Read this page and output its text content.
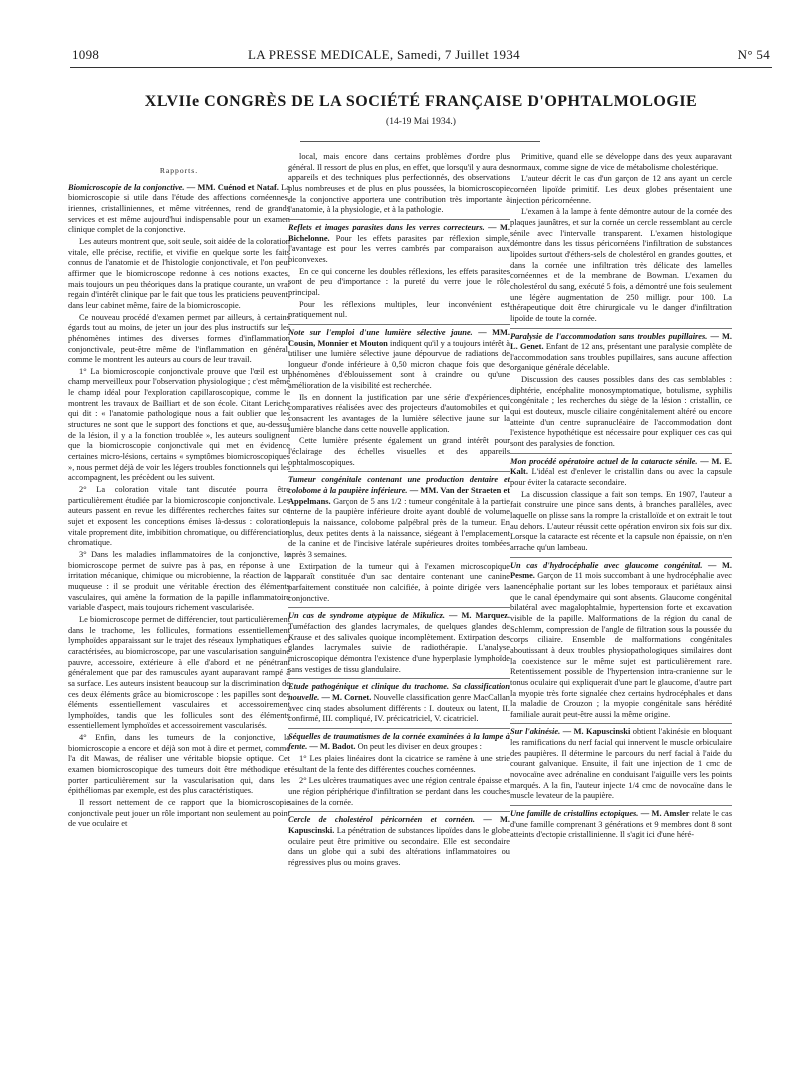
1098	LA PRESSE MEDICALE, Samedi, 7 Juillet 1934	N° 54
XLVIIe CONGRÈS DE LA SOCIÉTÉ FRANÇAISE D'OPHTALMOLOGIE
(14-19 Mai 1934.)

Rapports.

Biomicroscopie de la conjonctive. — MM. Cuénod et Nataf. La biomicroscopie si utile dans l'étude des affections cornéennes, iriennes, cristalliniennes, et même vitréennes, rend de grands services et est même aujourd'hui indispensable pour un examen clinique complet de la conjonctive.

Les auteurs montrent que, soit seule, soit aidée de la coloration vitale, elle précise, rectifie, et vivifie en quelque sorte les faits connus de l'anatomie et de l'histologie conjonctivale, et l'on peut affirmer que le biomicroscope redonne à ces notions exactes, mais toujours un peu théoriques dans la pratique courante, un vrai regain d'intérêt clinique par le fait que tous les praticiens peuvent, dans leur cabinet même, faire de la biomicroscopie.

Ce nouveau procédé d'examen permet par ailleurs, à certains égards tout au moins, de jeter un jour des plus instructifs sur les phénomènes intimes des diverses formes d'inflammation conjonctivale, peut-être même de l'inflammation en général, comme le montrent les auteurs au cours de leur travail.

1° La biomicroscopie conjonctivale prouve que l'œil est un champ merveilleux pour l'observation physiologique ; c'est même le champ idéal pour l'exploration capillaroscopique, comme le montrent les travaux de Bailliart et de son école. Citant Leriche qui dit : « l'anatomie pathologique nous a fait oublier que les structures ne sont que le support des fonctions et que, au-dessus de la lésion, il y a la fonction troublée », les auteurs soulignent que la biomicroscopie conjonctivale qui met en évidence certaines micro-lésions, certains « symptômes biomicroscopiques », nous permet déjà de voir les légers troubles fonctionnels qui les accompagnent, les précèdent ou les suivent.

2° La coloration vitale tant discutée pourra être particulièrement étudiée par la biomicroscopie conjonctivale. Les auteurs passent en revue les différentes recherches faites sur ce sujet et exposent les conceptions émises là-dessus : coloration vitale proprement dite, imbibition chromatique, ou différenciation chromatique.

3° Dans les maladies inflammatoires de la conjonctive, le biomicroscope permet de suivre pas à pas, en réponse à une irritation mécanique, chimique ou microbienne, la réaction de la muqueuse : il se produit une véritable érection des éléments vasculaires, qui amène la formation de la papille inflammatoire variable d'aspect, mais toujours richement vascularisée.

Le biomicroscope permet de différencier, tout particulièrement dans le trachome, les follicules, formations essentiellement lymphoïdes apparaissant sur le trajet des réseaux lymphatiques et caractérisées, au biomicroscope, par une vascularisation sanguine pauvre, accessoire, extérieure à elle d'abord et ne pénétrant généralement que par des ramuscules ayant auparavant rampé à sa surface. Les auteurs insistent beaucoup sur la discrimination de ces deux éléments grâce au biomicroscope : les papilles sont des éléments essentiellement vasculaires et accessoirement lymphoïdes, tandis que les follicules sont des éléments essentiellement lymphoïdes et accessoirement vascularisés.

4° Enfin, dans les tumeurs de la conjonctive, la biomicroscopie a encore et déjà son mot à dire et permet, comme l'a dit Mawas, de réaliser une véritable biopsie optique. Cet examen biomicroscopique des tumeurs doit être méthodique et porter particulièrement sur la vascularisation qui, dans les épithéliomas par exemple, est des plus caractéristiques.

Il ressort nettement de ce rapport que la biomicroscopie conjonctivale peut jouer un rôle important non seulement au point de vue oculaire et

local, mais encore dans certains problèmes d'ordre plus général. Il ressort de plus en plus, en effet, que lorsqu'il y aura des appareils et des techniques plus perfectionnés, des observations plus nombreuses et de plus en plus poussées, la biomicroscopie de la conjonctive apportera une contribution très importante à l'anatomie, à la physiologie, et à la pathologie.

Reflets et images parasites dans les verres correcteurs. — M. Bichelonne. Pour les effets parasites par réflexion simple, l'avantage est pour les verres cambrés par comparaison aux biconvexes.

En ce qui concerne les doubles réflexions, les effets parasites sont de peu d'importance : la pureté du verre joue le rôle principal.

Pour les réflexions multiples, leur inconvénient est pratiquement nul.

Note sur l'emploi d'une lumière sélective jaune. — MM. Cousin, Monnier et Mouton indiquent qu'il y a toujours intérêt à utiliser une lumière sélective jaune dépourvue de radiations de longueur d'onde inférieure à 0,50 micron chaque fois que des phénomènes d'éblouissement sont à craindre ou qu'une amélioration de la visibilité est recherchée.

Ils en donnent la justification par une série d'expériences comparatives réalisées avec des projecteurs d'automobiles et qui consacrent les avantages de la lumière sélective jaune sur la lumière blanche dans cette nouvelle application.

Cette lumière présente également un grand intérêt pour l'éclairage des échelles visuelles et des appareils ophtalmoscopiques.

Tumeur congénitale contenant une production dentaire et colobome à la paupière inférieure. — MM. Van der Straeten et Appelmans. Garçon de 5 ans 1/2 : tumeur congénitale à la partie interne de la paupière inférieure droite ayant doublé de volume depuis la naissance, colobome palpébral près de la tumeur. En plus, deux petites dents à la naissance, siégeant à l'emplacement de la canine et de l'incisive latérale supérieures droites tombées après 3 semaines.

Extirpation de la tumeur qui à l'examen microscopique apparaît constituée d'un sac dentaire contenant une canine parfaitement constituée non calcifiée, à pointe dirigée vers la conjonctive.

Un cas de syndrome atypique de Mikulicz. — M. Marquez. Tuméfaction des glandes lacrymales, de quelques glandes de Krause et des salivales quoique incomplètement. Extirpation des glandes lacrymales suivie de radiothérapie. L'analyse microscopique démontra l'existence d'une hyperplasie lymphoïde sans vestiges de tissu glandulaire.

Etude pathogénique et clinique du trachome. Sa classification nouvelle. — M. Cornet. Nouvelle classification genre MacCallan avec cinq stades absolument différents : I. douteux ou latent, II. confirmé, III. compliqué, IV. précicatriciel, V. cicatriciel.

Séquelles de traumatismes de la cornée examinées à la lampe à fente. — M. Badot. On peut les diviser en deux groupes :

1° Les plaies linéaires dont la cicatrice se ramène à une strie résultant de la fente des différentes couches cornéennes.

2° Les ulcères traumatiques avec une région centrale épaisse et une région périphérique d'infiltration se perdant dans les couches saines de la cornée.

Cercle de cholestérol péricornéen et cornéen. — M. Kapuscinski. La pénétration de substances lipoïdes dans le globe oculaire peut être primitive ou secondaire. Elle est secondaire dans un globe qui a subi des altérations inflammatoires ou régressives plus ou moins graves.

Primitive, quand elle se développe dans des yeux auparavant normaux, comme signe de vice de métabolisme cholestérique.

L'auteur décrit le cas d'un garçon de 12 ans ayant un cercle cornéen lipoïde primitif. Les deux globes présentaient une injection péricornéenne.

L'examen à la lampe à fente démontre autour de la cornée des plaques jaunâtres, et sur la cornée un cercle ressemblant au cercle sénile avec l'intervalle transparent. L'examen histologique démontre dans les tissus péricornéens l'infiltration de substances lipoïdes surtout d'éthers-sels de cholestérol en grandes gouttes, et dans la cornée une infiltration très délicate des lamelles cornéennes et de la membrane de Bowman. L'examen du cholestérol du sang, exécuté 5 fois, a démontré une fois seulement une légère augmentation de 250 milligr. pour 100. La thérapeutique doit être chirurgicale vu le danger d'infiltration lipoïde de toute la cornée.

Paralysie de l'accommodation sans troubles pupillaires. — M. L. Genet. Enfant de 12 ans, présentant une paralysie complète de l'accommodation sans troubles pupillaires, sans aucune affection organique générale décelable.

Discussion des causes possibles dans des cas semblables : diphtérie, encéphalite monosymptomatique, botulisme, syphilis congénitale ; les recherches du siège de la lésion : cristallin, ce qui est douteux, muscle ciliaire congénitalement altéré ou encore atteinte d'un centre supranucléaire de l'accommodation dont l'existence hypothétique est nécessaire pour expliquer ces cas qui sont des paralysies de fonction.

Mon procédé opératoire actuel de la cataracte sénile. — M. E. Kalt. L'idéal est d'enlever le cristallin dans ou avec la capsule pour éviter la cataracte secondaire.

La discussion classique a fait son temps. En 1907, l'auteur a fait construire une pince sans dents, à branches parallèles, avec laquelle on plisse sans la rompre la cristalloïde et on extrait le tout au dehors. L'auteur réussit cette opération environ six fois sur dix. Lorsque la cataracte est récente et la capsule non épaissie, on n'en arrache qu'un lambeau.

Un cas d'hydrocéphalie avec glaucome congénital. — M. Pesme. Garçon de 11 mois succombant à une hydrocéphalie avec anencéphalie portant sur les lobes temporaux et pariétaux ainsi que le canal épendymaire qui sont absents. Glaucome congénital bilatéral avec magalophtalmie, hypertension forte et excavation visible de la papille. Malformations de la région du canal de Schlemm, compression de l'angle de filtration sous la poussée du corps ciliaire. Ensemble de malformations congénitales aboutissant à deux troubles physiopathologiques similaires dont la coexistence sur le même sujet est particulièrement rare. Retentissement possible de l'hypertension intra-cranienne sur le tonus oculaire qui expliquerait d'une part le glaucome, d'autre part la myopie très forte signalée chez certains hydrocéphales et dans la maladie de Crouzon ; la myopie congénitale sans hérédité familiale aurait peut-être aussi la même origine.

Sur l'akinésie. — M. Kapuscinski obtient l'akinésie en bloquant les ramifications du nerf facial qui innervent le muscle orbiculaire des paupières. Il détermine le parcours du nerf facial à l'aide du courant galvanique. Ensuite, il fait une injection de 1 cmc de novocaïne avec adrénaline en conduisant l'aiguille vers les points marqués. A la fin, l'auteur injecte 1/4 cmc de novocaïne dans le muscle levateur de la paupière.

Une famille de cristallins ectopiques. — M. Amsler relate le cas d'une famille comprenant 3 générations et 9 membres dont 8 sont atteints d'ectopie cristallinienne. Il s'agit ici d'une héré-
